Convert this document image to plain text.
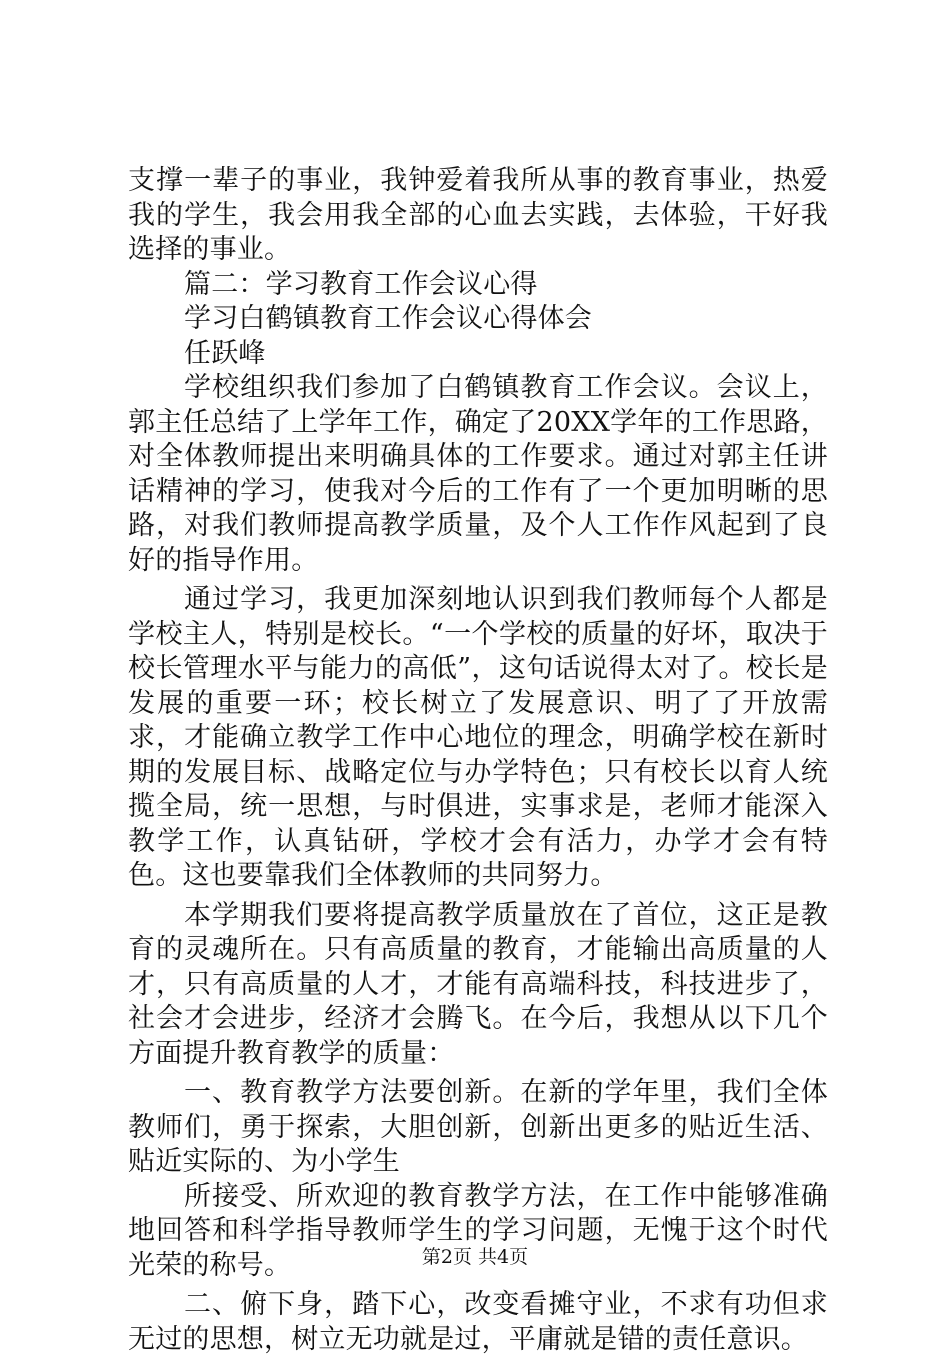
支撑一辈子的事业，我钟爱着我所从事的教育事业，热爱我的学生，我会用我全部的心血去实践，去体验，干好我选择的事业。

篇二：学习教育工作会议心得

学习白鹤镇教育工作会议心得体会

任跃峰

学校组织我们参加了白鹤镇教育工作会议。会议上，郭主任总结了上学年工作，确定了20XX学年的工作思路，对全体教师提出来明确具体的工作要求。通过对郭主任讲话精神的学习，使我对今后的工作有了一个更加明晰的思路，对我们教师提高教学质量，及个人工作作风起到了良好的指导作用。

通过学习，我更加深刻地认识到我们教师每个人都是学校主人，特别是校长。“一个学校的质量的好坏，取决于校长管理水平与能力的高低”，这句话说得太对了。校长是发展的重要一环；校长树立了发展意识、明了了开放需求，才能确立教学工作中心地位的理念，明确学校在新时期的发展目标、战略定位与办学特色；只有校长以育人统揽全局，统一思想，与时俱进，实事求是，老师才能深入教学工作，认真钻研，学校才会有活力，办学才会有特色。这也要靠我们全体教师的共同努力。

本学期我们要将提高教学质量放在了首位，这正是教育的灵魂所在。只有高质量的教育，才能输出高质量的人才，只有高质量的人才，才能有高端科技，科技进步了，社会才会进步，经济才会腾飞。在今后，我想从以下几个方面提升教育教学的质量：

一、教育教学方法要创新。在新的学年里，我们全体教师们，勇于探索，大胆创新，创新出更多的贴近生活、贴近实际的、为小学生

所接受、所欢迎的教育教学方法，在工作中能够准确地回答和科学指导教师学生的学习问题，无愧于这个时代光荣的称号。

二、俯下身，踏下心，改变看摊守业，不求有功但求无过的思想，树立无功就是过，平庸就是错的责任意识。

第2页 共4页
